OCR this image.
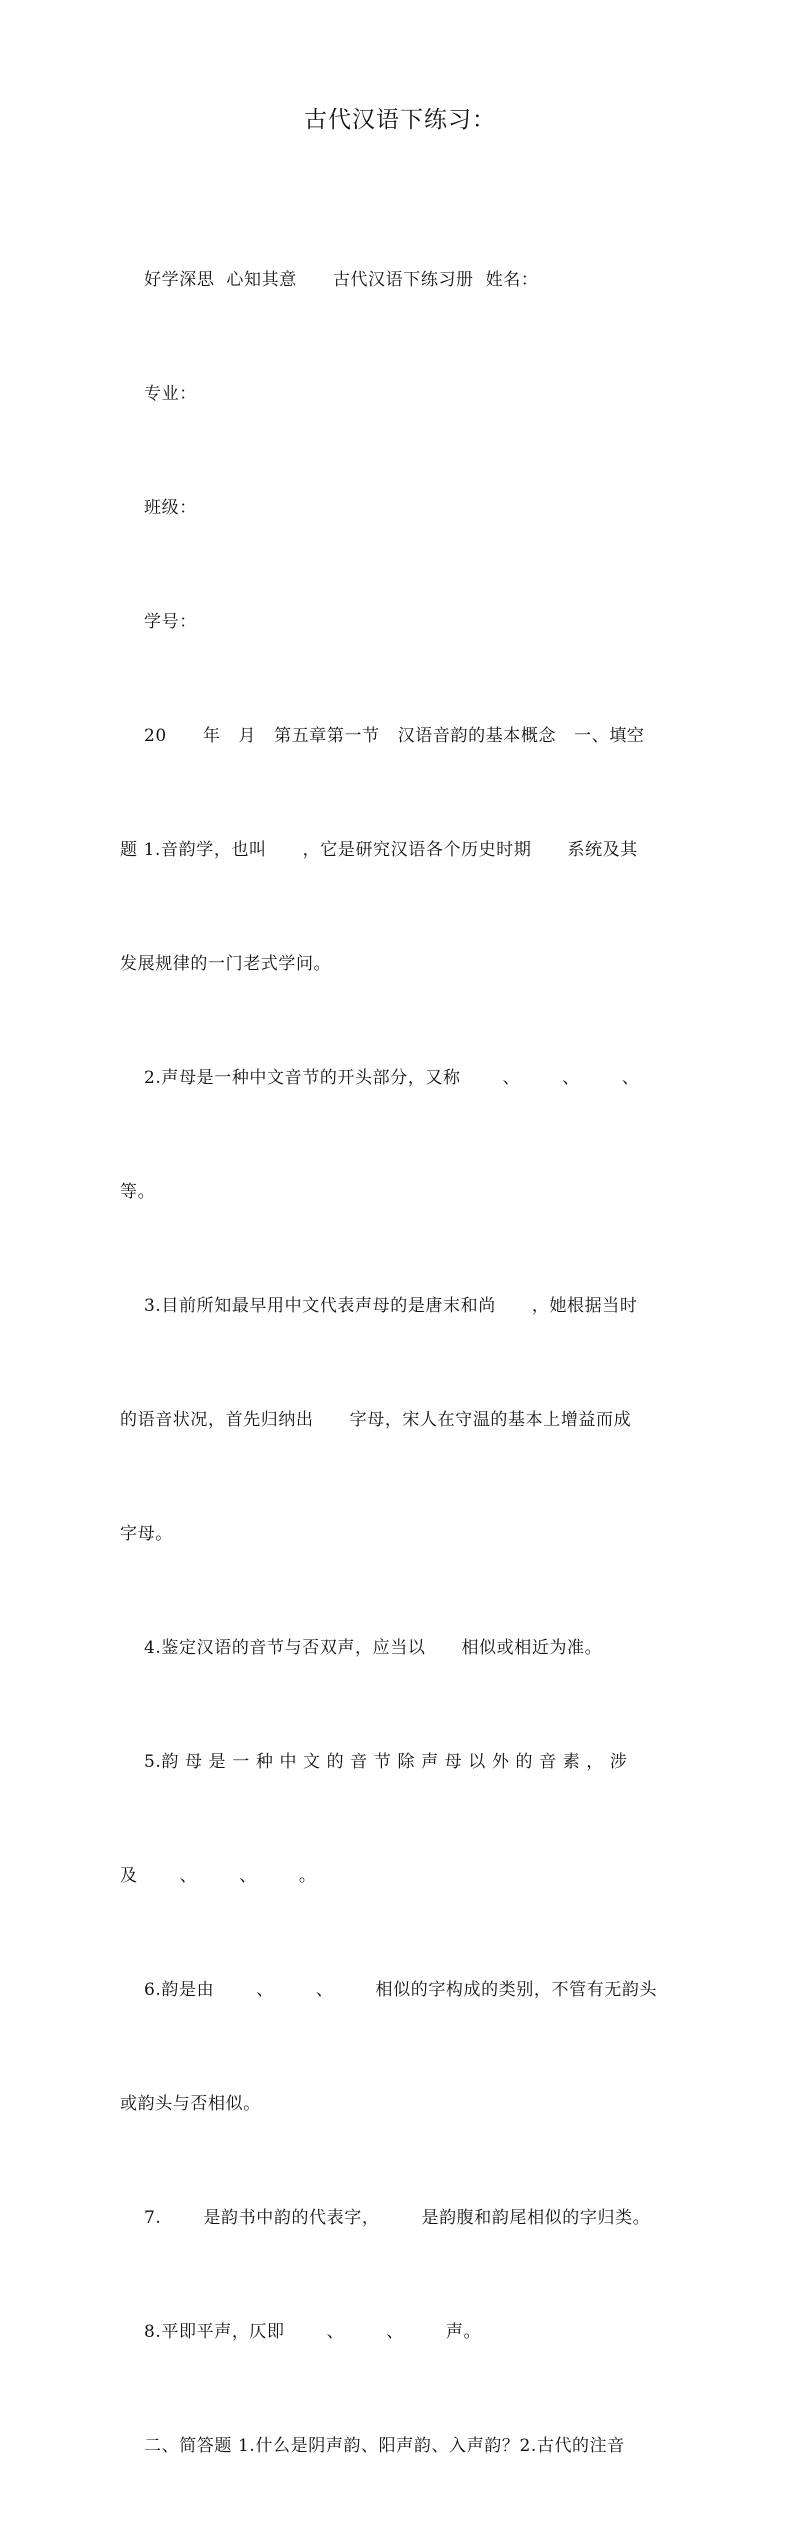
古代汉语下练习：

好学深思  心知其意      古代汉语下练习册  姓名：

专业：

班级：

学号：

20      年   月   第五章第一节   汉语音韵的基本概念   一、填空

题 1.音韵学，也叫      ，它是研究汉语各个历史时期      系统及其

发展规律的一门老式学问。

2.声母是一种中文音节的开头部分，又称       、       、       、

等。

3.目前所知最早用中文代表声母的是唐末和尚      ，她根据当时

的语音状况，首先归纳出      字母，宋人在守温的基本上增益而成

字母。

4.鉴定汉语的音节与否双声，应当以      相似或相近为准。

5.韵 母 是 一 种 中 文 的 音 节 除 声 母 以 外 的 音 素 ， 涉

及       、       、       。

6.韵是由       、       、       相似的字构成的类别，不管有无韵头

或韵头与否相似。

7.       是韵书中韵的代表字，       是韵腹和韵尾相似的字归类。

8.平即平声，仄即       、       、       声。

二、简答题 1.什么是阴声韵、阳声韵、入声韵？2.古代的注音
